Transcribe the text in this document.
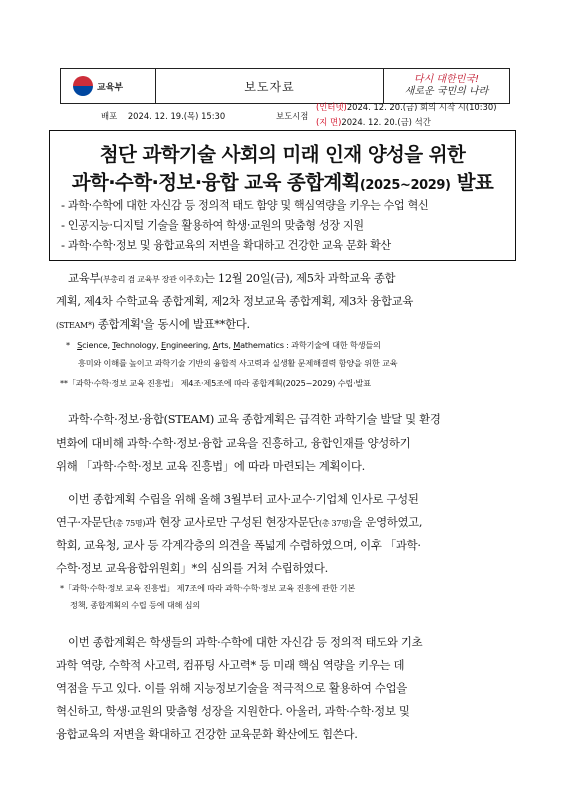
교육부	보도자료	다시 대한민국!
새로운 국민의 나라
배포 2024. 12. 19.(목) 15:30	보도시점
(인터넷)2024. 12. 20.(금) 회의 시작 시(10:30)
(지 면)2024. 12. 20.(금) 석간
첨단 과학기술 사회의 미래 인재 양성을 위한
과학·수학·정보·융합 교육 종합계획(2025~2029) 발표
- 과학·수학에 대한 자신감 등 정의적 태도 함양 및 핵심역량을 키우는 수업 혁신
- 인공지능·디지털 기술을 활용하여 학생·교원의 맞춤형 성장 지원
- 과학·수학·정보 및 융합교육의 저변을 확대하고 건강한 교육 문화 확산
교육부(부총리 겸 교육부 장관 이주호)는 12월 20일(금), 제5차 과학교육 종합
계획, 제4차 수학교육 종합계획, 제2차 정보교육 종합계획, 제3차 융합교육
(STEAM*) 종합계획'을 동시에 발표**한다.
* Science, Technology, Engineering, Arts, Mathematics : 과학기술에 대한 학생들의
흥미와 이해를 높이고 과학기술 기반의 융합적 사고력과 실생활 문제해결력 함양을 위한 교육
**「과학·수학·정보 교육 진흥법」 제4조·제5조에 따라 종합계획(2025~2029) 수립·발표
과학·수학·정보·융합(STEAM) 교육 종합계획은 급격한 과학기술 발달 및 환경
변화에 대비해 과학·수학·정보·융합 교육을 진흥하고, 융합인재를 양성하기
위해 「과학·수학·정보 교육 진흥법」에 따라 마련되는 계획이다.
이번 종합계획 수립을 위해 올해 3월부터 교사·교수·기업체 인사로 구성된
연구·자문단(총 75명)과 현장 교사로만 구성된 현장자문단(총 37명)을 운영하였고,
학회, 교육청, 교사 등 각계각층의 의견을 폭넓게 수렴하였으며, 이후 「과학·
수학·정보 교육융합위원회」*의 심의를 거쳐 수립하였다.
*「과학·수학·정보 교육 진흥법」 제7조에 따라 과학·수학·정보 교육 진흥에 관한 기본
정책, 종합계획의 수립 등에 대해 심의
이번 종합계획은 학생들의 과학·수학에 대한 자신감 등 정의적 태도와 기초
과학 역량, 수학적 사고력, 컴퓨팅 사고력* 등 미래 핵심 역량을 키우는 데
역점을 두고 있다. 이를 위해 지능정보기술을 적극적으로 활용하여 수업을
혁신하고, 학생·교원의 맞춤형 성장을 지원한다. 아울러, 과학·수학·정보 및
융합교육의 저변을 확대하고 건강한 교육문화 확산에도 힘쓴다.
